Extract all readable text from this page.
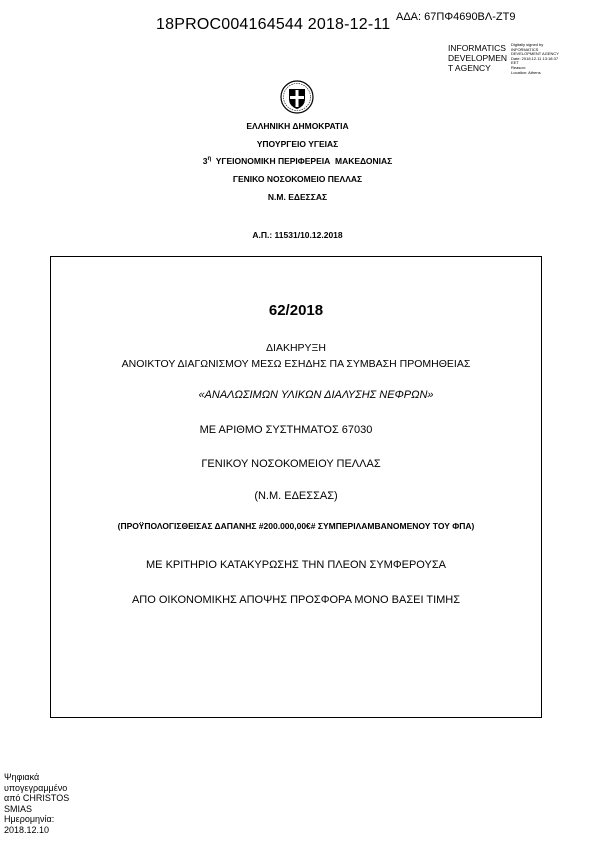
18PROC004164544 2018-12-11 ΑΔΑ: 67ΠΦ4690ΒΛ-ΖΤ9
INFORMATICS
DEVELOPMEN
T AGENCY
Digitally signed by
INFORMATICS
DEVELOPMENT AGENCY
Date: 2018.12.11 13:18:37
EET
Reason:
Location: Athens
ΕΛΛΗΝΙΚΗ ΔΗΜΟΚΡΑΤΙΑ
ΥΠΟΥΡΓΕΙΟ ΥΓΕΙΑΣ
$3^\eta$  ΥΓΕΙΟΝΟΜΙΚΗ ΠΕΡΙΦΕΡΕΙΑ  ΜΑΚΕΔΟΝΙΑΣ
ΓΕΝΙΚΟ ΝΟΣΟΚΟΜΕΙΟ ΠΕΛΛΑΣ
Ν.Μ. ΕΔΕΣΣΑΣ
Α.Π.: 11531/10.12.2018
62/2018
ΔΙΑΚΗΡΥΞΗ
ΑΝΟΙΚΤΟΥ ΔΙΑΓΩΝΙΣΜΟΥ ΜΕΣΩ ΕΣΗΔΗΣ ΠΑ ΣΥΜΒΑΣΗ ΠΡΟΜΗΘΕΙΑΣ
«ΑΝΑΛΩΣΙΜΩΝ ΥΛΙΚΩΝ ΔΙΑΛΥΣΗΣ ΝΕΦΡΩΝ»
ΜΕ ΑΡΙΘΜΟ ΣΥΣΤΗΜΑΤΟΣ 67030
ΓΕΝΙΚΟΥ ΝΟΣΟΚΟΜΕΙΟΥ ΠΕΛΛΑΣ
(Ν.Μ. ΕΔΕΣΣΑΣ)
(ΠΡΟΫΠΟΛΟΓΙΣΘΕΙΣΑΣ ΔΑΠΑΝΗΣ #200.000,00€# ΣΥΜΠΕΡΙΛΑΜΒΑΝΟΜΕΝΟΥ ΤΟΥ ΦΠΑ)
ΜΕ ΚΡΙΤΗΡΙΟ ΚΑΤΑΚΥΡΩΣΗΣ ΤΗΝ ΠΛΕΟΝ ΣΥΜΦΕΡΟΥΣΑ
ΑΠΟ ΟΙΚΟΝΟΜΙΚΗΣ ΑΠΟΨΗΣ ΠΡΟΣΦΟΡΑ ΜΟΝΟ ΒΑΣΕΙ ΤΙΜΗΣ
Ψηφιακά
υπογεγραμμένο
από CHRISTOS
SMIAS
Ημερομηνία:
2018.12.10
